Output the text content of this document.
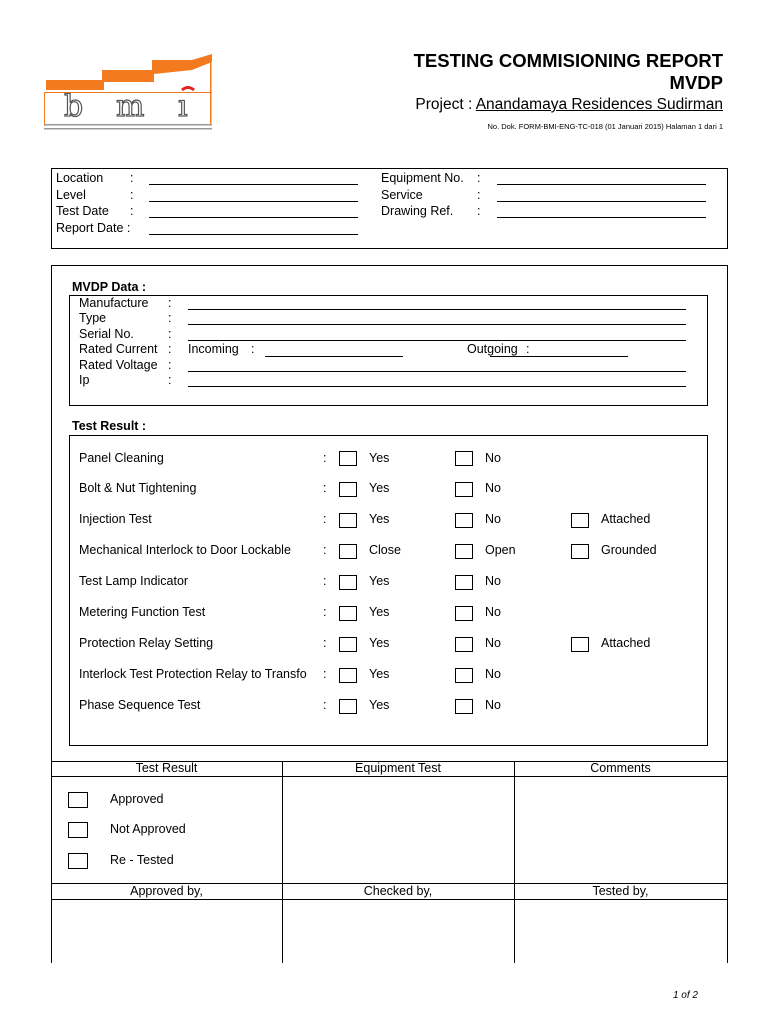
b m ı
TESTING COMMISIONING REPORT
MVDP
Project : Anandamaya Residences Sudirman
No. Dok. FORM-BMI-ENG-TC-018 (01 Januari 2015) Halaman 1 dari 1
Location :
Level	:
Test Date :
Report Date :
Equipment No. :
Service	:
Drawing Ref. :
MVDP Data :
Manufacture :
Type	:
Serial No.	:
Rated Current : Incoming :	Outgoing :
Rated Voltage :
Ip	:
Test Result :
Panel Cleaning	:	Yes	No
Bolt & Nut Tightening	:	Yes	No
Injection Test	:	Yes	No	Attached
Mechanical Interlock to Door Lockable	:	Close	Open	Grounded
Test Lamp Indicator	:	Yes	No
Metering Function Test	:	Yes	No
Protection Relay Setting	:	Yes	No	Attached
Interlock Test Protection Relay to Transfo :	Yes	No
Phase Sequence Test	:	Yes	No
Test Result	Equipment Test	Comments
Approved
Not Approved
Re - Tested
Approved by,	Checked by,	Tested by,
1 of 2
